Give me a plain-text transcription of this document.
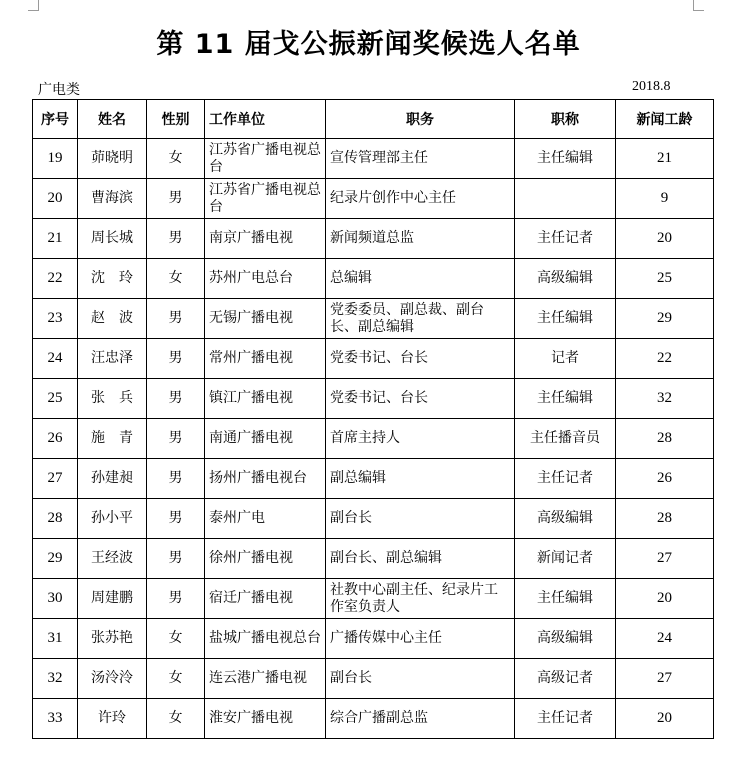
第 11 届戈公振新闻奖候选人名单
广电类	2018.8
序号	姓名	性别	工作单位	职务	职称	新闻工龄
19	茆晓明	女	江苏省广播电视总台	宣传管理部主任	主任编辑	21
20	曹海滨	男	江苏省广播电视总台	纪录片创作中心主任		9
21	周长城	男	南京广播电视	新闻频道总监	主任记者	20
22	沈　玲	女	苏州广电总台	总编辑	高级编辑	25
23	赵　波	男	无锡广播电视	党委委员、副总裁、副台长、副总编辑	主任编辑	29
24	汪忠泽	男	常州广播电视	党委书记、台长	记者	22
25	张　兵	男	镇江广播电视	党委书记、台长	主任编辑	32
26	施　青	男	南通广播电视	首席主持人	主任播音员	28
27	孙建昶	男	扬州广播电视台	副总编辑	主任记者	26
28	孙小平	男	泰州广电	副台长	高级编辑	28
29	王经波	男	徐州广播电视	副台长、副总编辑	新闻记者	27
30	周建鹏	男	宿迁广播电视	社教中心副主任、纪录片工作室负责人	主任编辑	20
31	张苏艳	女	盐城广播电视总台	广播传媒中心主任	高级编辑	24
32	汤泠泠	女	连云港广播电视	副台长	高级记者	27
33	许玲	女	淮安广播电视	综合广播副总监	主任记者	20
